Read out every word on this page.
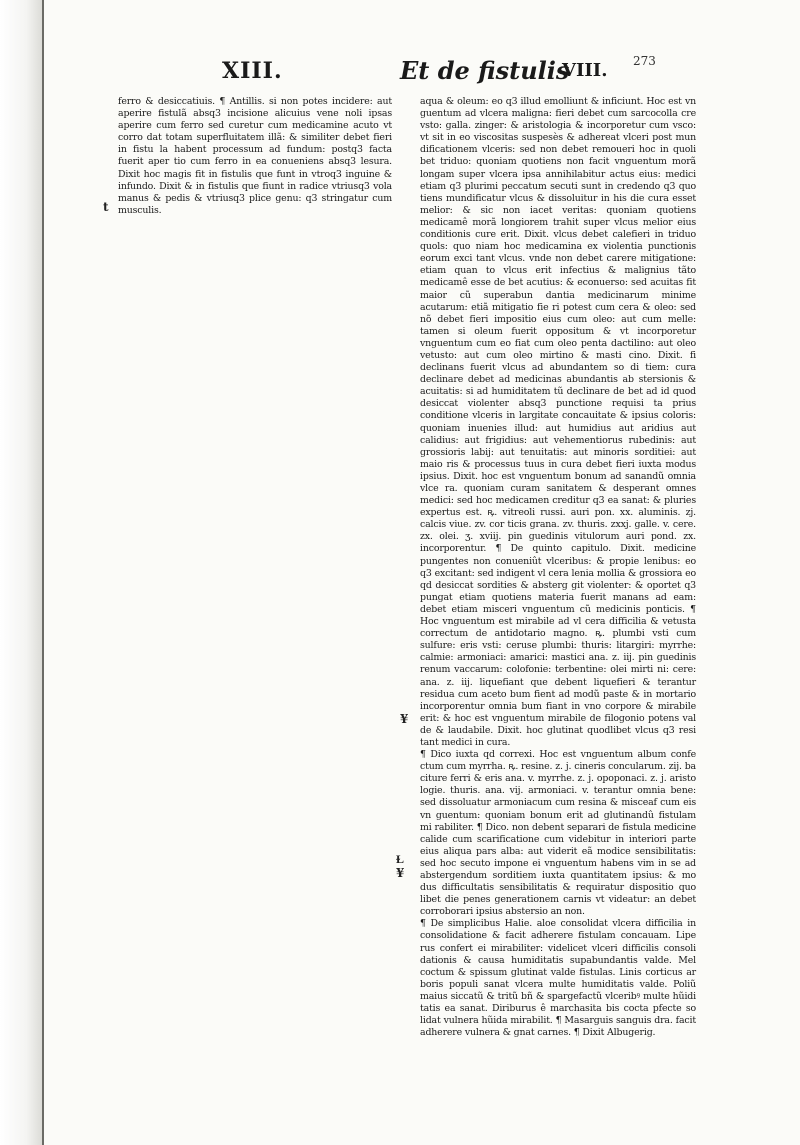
XIII.	Et de fistulis
VIII. 273
t
¥
Ɫ
¥

ferro & desiccatiuis. ¶ Antillis. si non potes incidere: aut aperire fistulã absq3 incisione alicuius vene noli ipsas aperire cum ferro sed curetur cum medicamine acuto vt corro dat totam superfluitatem illã: & similiter debet fieri in fistu la habent processum ad fundum: postq3 facta fuerit aper tio cum ferro in ea conueniens absq3 lesura. Dixit hoc magis fit in fistulis que funt in vtroq3 inguine & infundo. Dixit & in fistulis que fiunt in radice vtriusq3 vola manus & pedis & vtriusq3 plice genu: q3 stringatur cum musculis.

aqua & oleum: eo q3 illud emolliunt & inficiunt. Hoc est vn guentum ad vlcera maligna: fieri debet cum sarcocolla cre vsto: galla. zinger: & aristologia & incorporetur cum vsco: vt sit in eo viscositas suspesès & adhereat vlceri post mun dificationem vlceris: sed non debet remoueri hoc in quoli bet triduo: quoniam quotiens non facit vnguentum morã longam super vlcera ipsa annihilabitur actus eius: medici etiam q3 plurimi peccatum secuti sunt in credendo q3 quo tiens mundificatur vlcus & dissoluitur in his die cura esset melior: & sic non iacet veritas: quoniam quotiens medicamê morã longiorem trahit super vlcus melior eius conditionis cure erit. Dixit. vlcus debet calefieri in triduo quols: quo niam hoc medicamina ex violentia punctionis eorum exci tant vlcus. vnde non debet carere mitigatione: etiam quan to vlcus erit infectius & malignius tãto medicamê esse de bet acutius: & econuerso: sed acuitas fit maior cũ superabun dantia medicinarum minime acutarum: etiã mitigatio fie ri potest cum cera & oleo: sed nõ debet fieri impositio eius cum oleo: aut cum melle: tamen si oleum fuerit oppositum & vt incorporetur vnguentum cum eo fiat cum oleo penta dactilino: aut oleo vetusto: aut cum oleo mirtino & masti cino. Dixit. fi declinans fuerit vlcus ad abundantem so di tiem: cura declinare debet ad medicinas abundantis ab stersionis & acuitatis: si ad humiditatem tũ declinare de bet ad id quod desiccat violenter absq3 punctione requisi ta prius conditione vlceris in largitate concauitate & ipsius coloris: quoniam inuenies illud: aut humidius aut aridius aut calidius: aut frigidius: aut vehementiorus rubedinis: aut grossioris labij: aut tenuitatis: aut minoris sorditiei: aut maio ris & processus tuus in cura debet fieri iuxta modus ipsius. Dixit. hoc est vnguentum bonum ad sanandũ omnia vlce ra. quoniam curam sanitatem & desperant omnes medici: sed hoc medicamen creditur q3 ea sanat: & pluries expertus est. ꝶ. vitreoli russi. auri pon. xx. aluminis. zj. calcis viue. zv. cor ticis grana. zv. thuris. zxxj. galle. v. cere. zx. olei. ʒ. xviij. pin guedinis vitulorum auri pond. zx. incorporentur. ¶ De quinto capitulo. Dixit. medicine pungentes non conueniût vlceribus: & propie lenibus: eo q3 excitant: sed indigent vl cera lenia mollia & grossiora eo qd desiccat sordities & absterg git violenter: & oportet q3 pungat etiam quotiens materia fuerit manans ad eam: debet etiam misceri vnguentum cũ medicinis ponticis. ¶ Hoc vnguentum est mirabile ad vl cera difficilia & vetusta correctum de antidotario magno. ꝶ. plumbi vsti cum sulfure: eris vsti: ceruse plumbi: thuris: litargiri: myrrhe: calmie: armoniaci: amarici: mastici ana. z. iij. pin guedinis renum vaccarum: colofonie: terbentine: olei mirti ni: cere: ana. z. iij. liquefiant que debent liquefieri & terantur residua cum aceto bum fient ad modũ paste & in mortario incorporentur omnia bum fiant in vno corpore & mirabile erit: & hoc est vnguentum mirabile de filogonio potens val de & laudabile. Dixit. hoc glutinat quodlibet vlcus q3 resi tant medici in cura.

¶ Dico iuxta qd correxi. Hoc est vnguentum album confe ctum cum myrrha. ꝶ. resine. z. j. cineris concularum. zij. ba citure ferri & eris ana. v. myrrhe. z. j. opoponaci. z. j. aristo logie. thuris. ana. vij. armoniaci. v. terantur omnia bene: sed dissoluatur armoniacum cum resina & misceaf cum eis vn guentum: quoniam bonum erit ad glutinandû fistulam mi rabiliter. ¶ Dico. non debent separari de fistula medicine calide cum scarificatione cum videbitur in interiori parte eius aliqua pars alba: aut viderit eã modice sensibilitatis: sed hoc secuto impone ei vnguentum habens vim in se ad abstergendum sorditiem iuxta quantitatem ipsius: & mo dus difficultatis sensibilitatis & requiratur dispositio quo libet die penes generationem carnis vt videatur: an debet corroborari ipsius abstersio an non.

¶ De simplicibus Halie. aloe consolidat vlcera difficilia in consolidatione & facit adherere fistulam concauam. Lipe rus confert ei mirabiliter: videlicet vlceri difficilis consoli dationis & causa humiditatis supabundantis valde. Mel coctum & spissum glutinat valde fistulas. Linis corticus ar boris populi sanat vlcera multe humiditatis valde. Poliũ maius siccatũ & tritũ bñ & spargefactũ vlceribꝰ multe hũidi tatis ea sanat. Diriburus ê marchasita bis cocta pfecte so lidat vulnera hũida mirabilit. ¶ Masarguis sanguis dra. facit adherere vulnera & gnat carnes. ¶ Dixit Albugerig.
